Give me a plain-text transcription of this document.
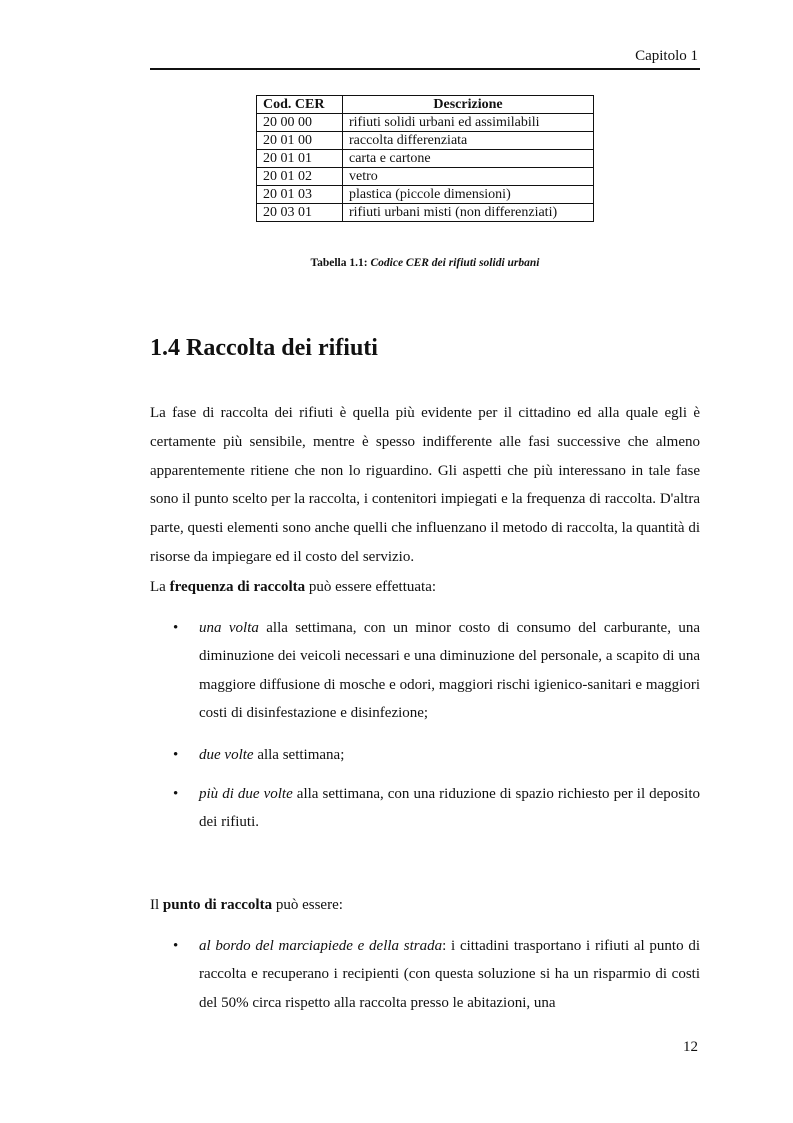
Capitolo 1
Cod. CER	Descrizione
20 00 00	rifiuti solidi urbani ed assimilabili
20 01 00	raccolta differenziata
20 01 01	carta e cartone
20 01 02	vetro
20 01 03	plastica (piccole dimensioni)
20 03 01	rifiuti urbani misti (non differenziati)
Tabella 1.1: Codice CER dei rifiuti solidi urbani
1.4 Raccolta dei rifiuti

La fase di raccolta dei rifiuti è quella più evidente per il cittadino ed alla quale egli è certamente più sensibile, mentre è spesso indifferente alle fasi successive che almeno apparentemente ritiene che non lo riguardino. Gli aspetti che più interessano in tale fase sono il punto scelto per la raccolta, i contenitori impiegati e la frequenza di raccolta. D'altra parte, questi elementi sono anche quelli che influenzano il metodo di raccolta, la quantità di risorse da impiegare ed il costo del servizio.

La frequenza di raccolta può essere effettuata:

• una volta alla settimana, con un minor costo di consumo del carburante, una diminuzione dei veicoli necessari e una diminuzione del personale, a scapito di una maggiore diffusione di mosche e odori, maggiori rischi igienico-sanitari e maggiori costi di disinfestazione e disinfezione;
• due volte alla settimana;
• più di due volte alla settimana, con una riduzione di spazio richiesto per il deposito dei rifiuti.

Il punto di raccolta può essere:

• al bordo del marciapiede e della strada: i cittadini trasportano i rifiuti al punto di raccolta e recuperano i recipienti (con questa soluzione si ha un risparmio di costi del 50% circa rispetto alla raccolta presso le abitazioni, una
12
